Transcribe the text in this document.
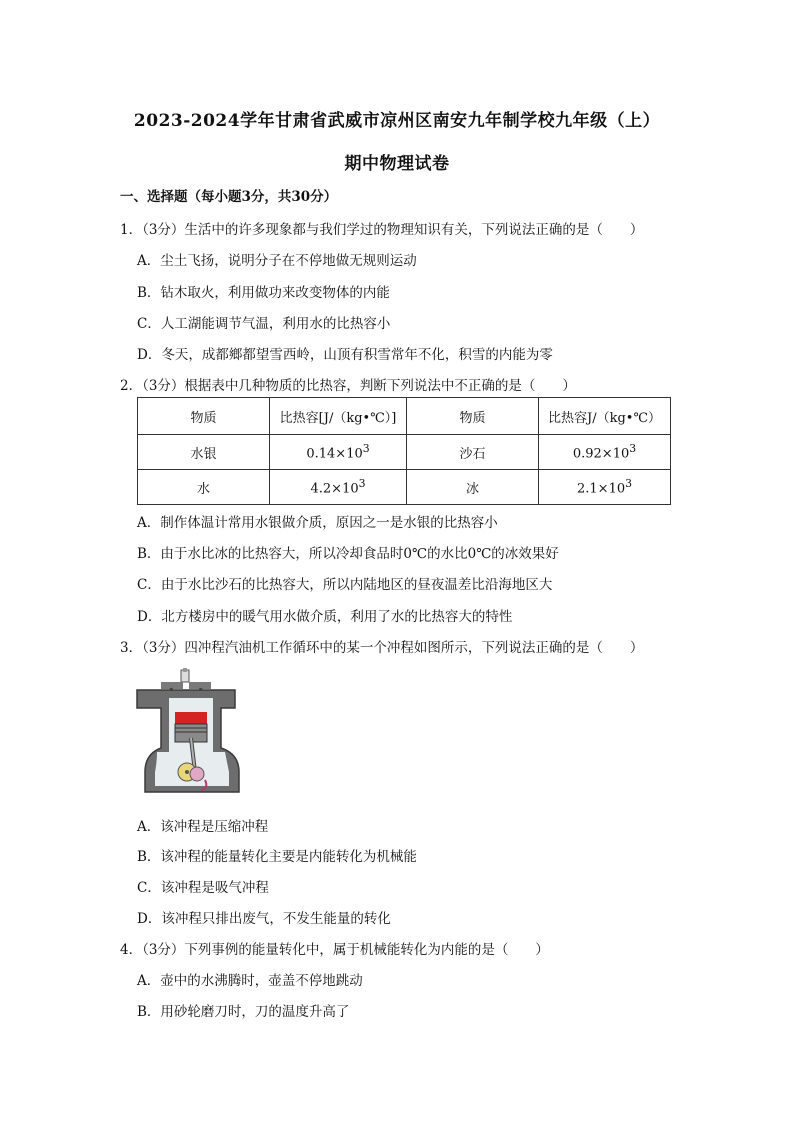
2023-2024学年甘肃省武威市凉州区南安九年制学校九年级（上）
期中物理试卷
一、选择题（每小题3分，共30分）
1．（3分）生活中的许多现象都与我们学过的物理知识有关，下列说法正确的是（　　）
A．尘土飞扬，说明分子在不停地做无规则运动
B．钻木取火，利用做功来改变物体的内能
C．人工湖能调节气温，利用水的比热容小
D．冬天，成都鄉都望雪西岭，山顶有积雪常年不化，积雪的内能为零
2．（3分）根据表中几种物质的比热容，判断下列说法中不正确的是（　　）
物质	比热容[J/（kg•℃）]	物质	比热容J/（kg•℃）
水银	$0.14\times 10^3$	沙石	$0.92\times 10^3$
水	$4.2\times 10^3$	冰	$2.1\times 10^3$
A．制作体温计常用水银做介质，原因之一是水银的比热容小
B．由于水比冰的比热容大，所以冷却食品时0℃的水比0℃的冰效果好
C．由于水比沙石的比热容大，所以内陆地区的昼夜温差比沿海地区大
D．北方楼房中的暖气用水做介质，利用了水的比热容大的特性
3．（3分）四冲程汽油机工作循环中的某一个冲程如图所示，下列说法正确的是（　　）
A．该冲程是压缩冲程
B．该冲程的能量转化主要是内能转化为机械能
C．该冲程是吸气冲程
D．该冲程只排出废气，不发生能量的转化
4．（3分）下列事例的能量转化中，属于机械能转化为内能的是（　　）
A．壶中的水沸腾时，壶盖不停地跳动
B．用砂轮磨刀时，刀的温度升高了
